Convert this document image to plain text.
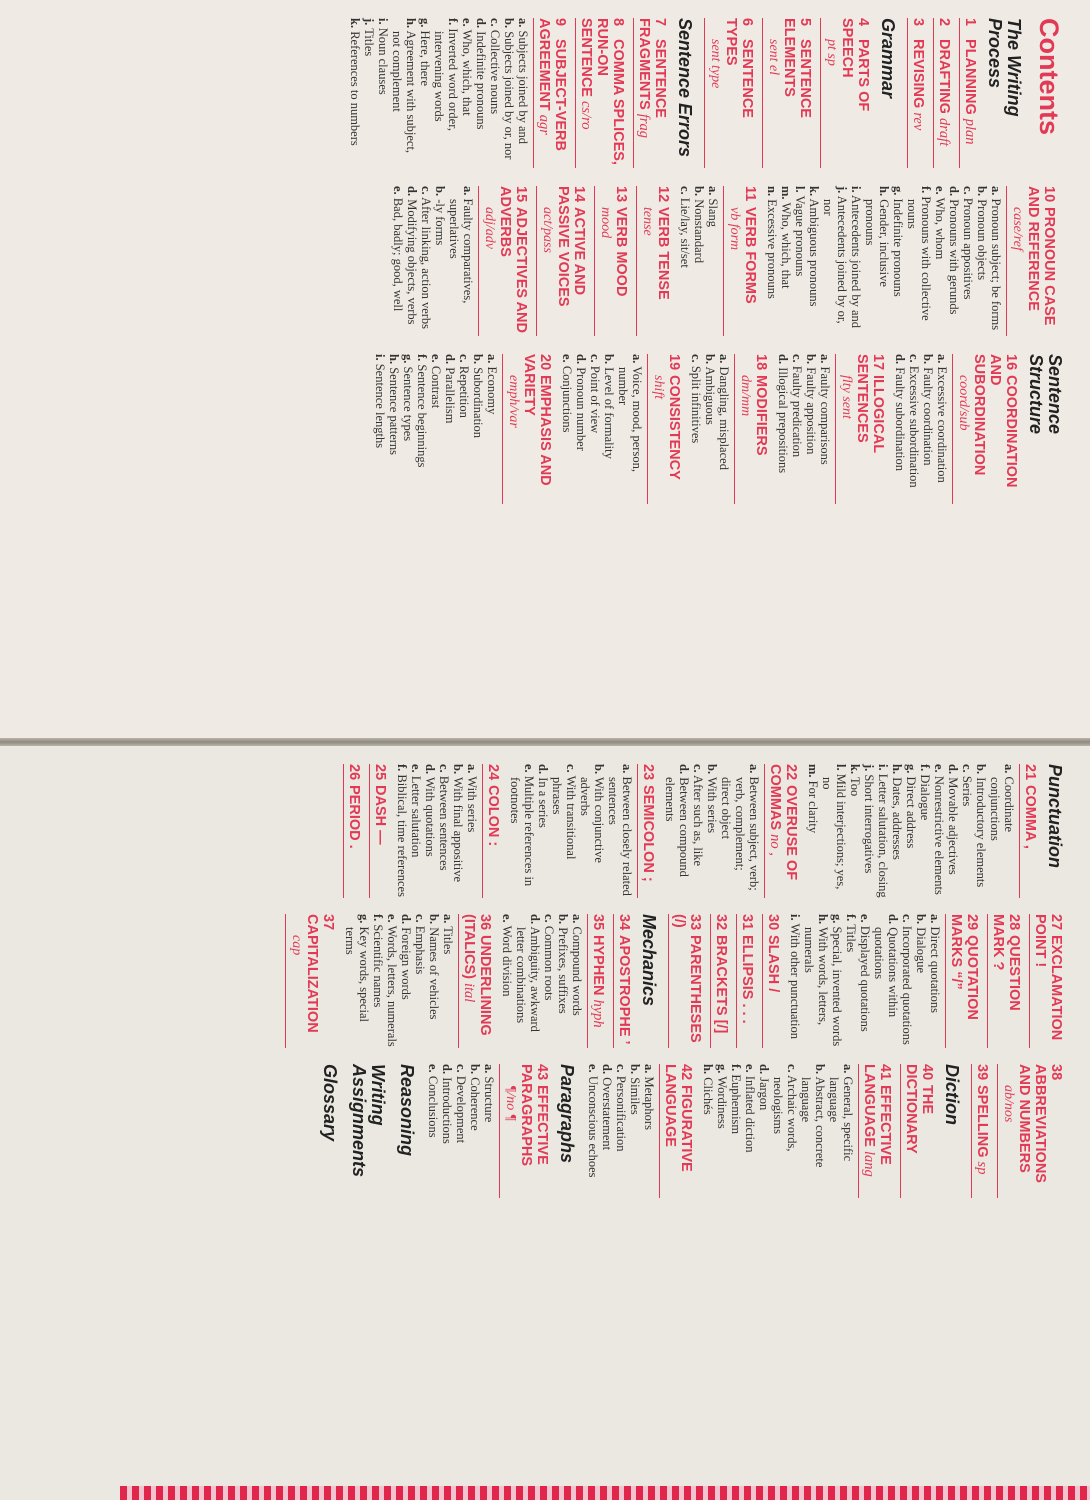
Contents
The Writing Process
1PLANNING plan
2DRAFTING draft
3REVISING rev
Grammar
4PARTS OF SPEECH
pt sp
5SENTENCE
ELEMENTS
sent el
6SENTENCE TYPES
sent type
Sentence Errors
7SENTENCE
FRAGMENTS frag
8COMMA SPLICES,
RUN-ON
SENTENCE cs/ro
9SUBJECT-VERB
AGREEMENT agr
a. Subjects joined by and
b. Subjects joined by or, nor
c. Collective nouns
d. Indefinite pronouns
e. Who, which, that
f. Inverted word order, intervening words
g. Here, there
h. Agreement with subject, not complement
i. Noun clauses
j. Titles
k. References to numbers
10PRONOUN CASE
AND REFERENCE
case/ref
a. Pronoun subject; be forms
b. Pronoun objects
c. Pronoun appositives
d. Pronouns with gerunds
e. Who, whom
f. Pronouns with collective nouns
g. Indefinite pronouns
h. Gender, inclusive pronouns
i. Antecedents joined by and
j. Antecedents joined by or, nor
k. Ambiguous pronouns
l. Vague pronouns
m. Who, which, that
n. Excessive pronouns
11VERB FORMS
vb form
a. Slang
b. Nonstandard
c. Lie/lay, sit/set
12VERB TENSE
tense
13VERB MOOD
mood
14ACTIVE AND
PASSIVE VOICES
act/pass
15ADJECTIVES AND
ADVERBS
adj/adv
a. Faulty comparatives, superlatives
b. -ly forms
c. After linking, action verbs
d. Modifying objects, verbs
e. Bad, badly; good, well
Sentence Structure
16COORDINATION
AND
SUBORDINATION
coord/sub
a. Excessive coordination
b. Faulty coordination
c. Excessive subordination
d. Faulty subordination
17ILLOGICAL
SENTENCES
flty sent
a. Faulty comparisons
b. Faulty apposition
c. Faulty predication
d. Illogical prepositions
18MODIFIERS
dm/mm
a. Dangling, misplaced
b. Ambiguous
c. Split infinitives
19CONSISTENCY
shift
a. Voice, mood, person, number
b. Level of formality
c. Point of view
d. Pronoun number
e. Conjunctions
20EMPHASIS AND
VARIETY
emph/var
a. Economy
b. Subordination
c. Repetition
d. Parallelism
e. Contrast
f. Sentence beginnings
g. Sentence types
h. Sentence patterns
i. Sentence lengths
Punctuation
21COMMA ,
a. Coordinate conjunctions
b. Introductory elements
c. Series
d. Movable adjectives
e. Nonrestrictive elements
f. Dialogue
g. Direct address
h. Dates, addresses
i. Letter salutation, closing
j. Short interrogatives
k. Too
l. Mild interjections; yes, no
m. For clarity
22OVERUSE OF
COMMAS no ,
a. Between subject, verb; verb, complement; direct object
b. With series
c. After such as, like
d. Between compound elements
23SEMICOLON ;
a. Between closely related sentences
b. With conjunctive adverbs
c. With transitional phrases
d. In a series
e. Multiple references in footnotes
24COLON :
a. With series
b. With final appositive
c. Between sentences
d. With quotations
e. Letter salutation
f. Biblical, time references
25DASH —
26PERIOD .
27EXCLAMATION
POINT !
28QUESTION
MARK ?
29QUOTATION
MARKS “/”
a. Direct quotations
b. Dialogue
c. Incorporated quotations
d. Quotations within quotations
e. Displayed quotations
f. Titles
g. Special, invented words
h. With words, letters, numerals
i. With other punctuation
30SLASH /
31ELLIPSIS . . .
32BRACKETS [/]
33PARENTHESES (/)
Mechanics
34APOSTROPHE ’
35HYPHEN hyph
a. Compound words
b. Prefixes, suffixes
c. Common roots
d. Ambiguity, awkward letter combinations
e. Word division
36UNDERLINING
(ITALICS) ital
a. Titles
b. Names of vehicles
c. Emphasis
d. Foreign words
e. Words, letters, numerals
f. Scientific names
g. Key words, special terms
37CAPITALIZATION
cap
38ABBREVIATIONS
AND NUMBERS
ab/nos
39SPELLING sp
Diction
40THE DICTIONARY
41EFFECTIVE
LANGUAGE lang
a. General, specific language
b. Abstract, concrete language
c. Archaic words, neologisms
d. Jargon
e. Inflated diction
f. Euphemism
g. Wordiness
h. Clichés
42FIGURATIVE
LANGUAGE
a. Metaphors
b. Similes
c. Personification
d. Overstatement
e. Unconscious echoes
Paragraphs
43EFFECTIVE
PARAGRAPHS
¶/no ¶
a. Structure
b. Coherence
c. Development
d. Introductions
e. Conclusions
Reasoning
Writing Assignments
Glossary
